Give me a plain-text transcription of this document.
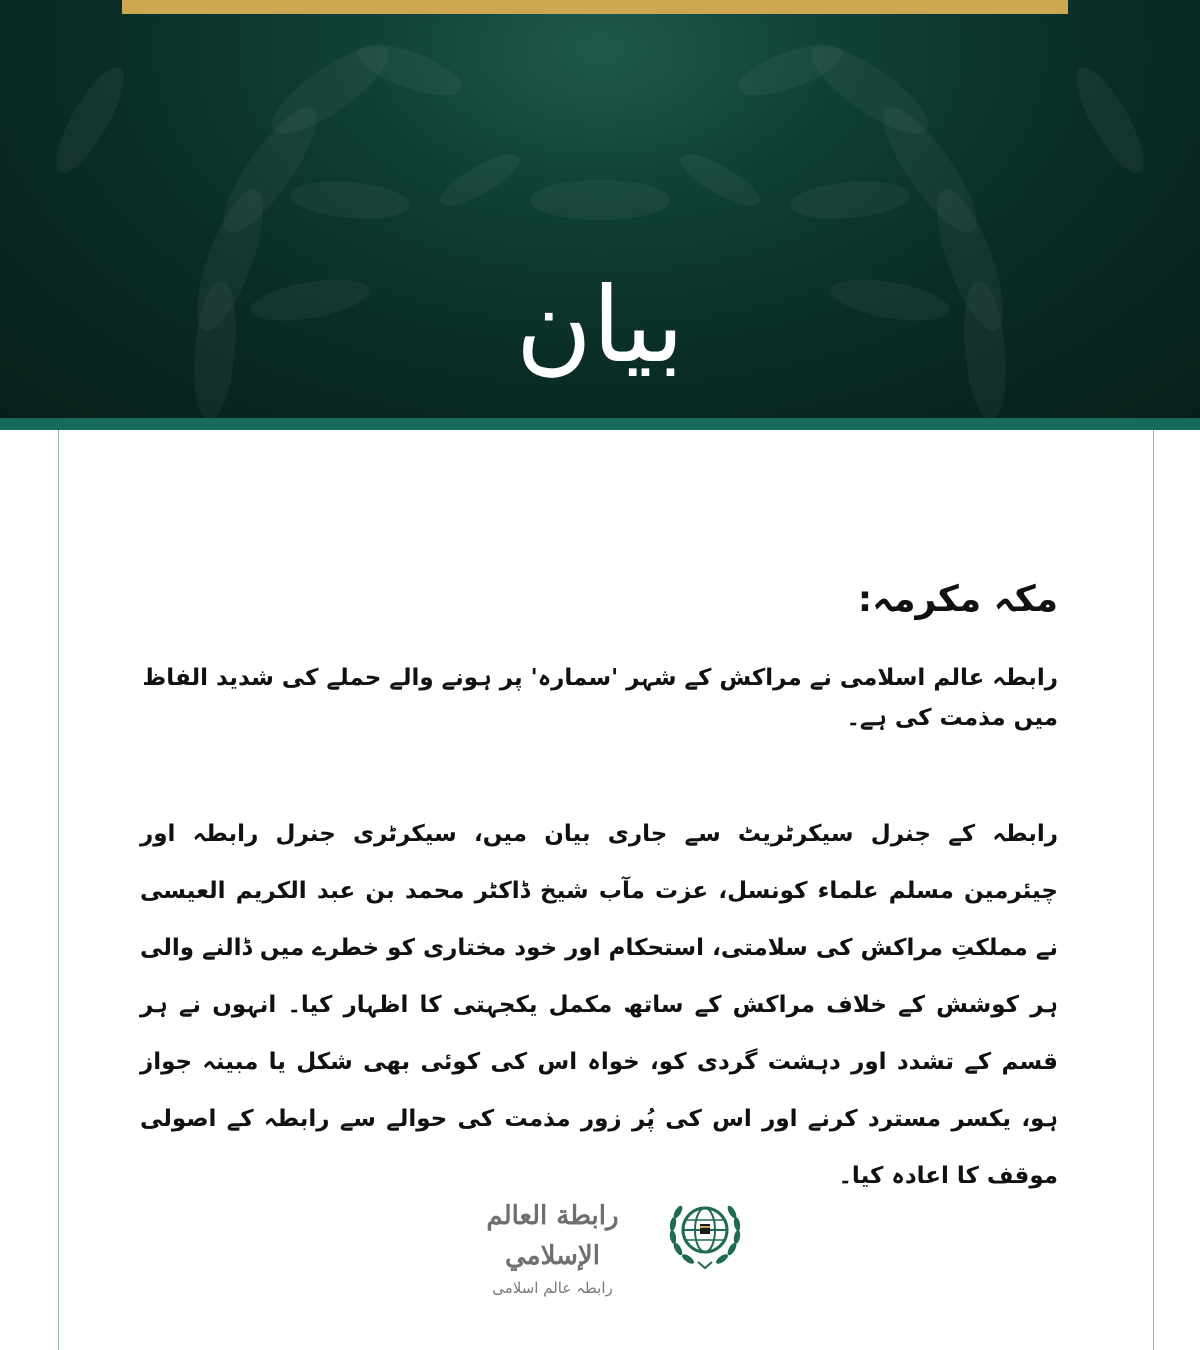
بیان

مکہ مکرمہ:

رابطہ عالم اسلامی نے مراکش کے شہر 'سمارہ' پر ہونے والے حملے کی شدید الفاظ میں مذمت کی ہے۔

رابطہ کے جنرل سیکرٹریٹ سے جاری بیان میں، سیکرٹری جنرل رابطہ اور چیئرمین مسلم علماء کونسل، عزت مآب شیخ ڈاکٹر محمد بن عبد الکریم العیسی نے مملکتِ مراکش کی سلامتی، استحکام اور خود مختاری کو خطرے میں ڈالنے والی ہر کوشش کے خلاف مراکش کے ساتھ مکمل یکجہتی کا اظہار کیا۔ انہوں نے ہر قسم کے تشدد اور دہشت گردی کو، خواہ اس کی کوئی بھی شکل یا مبینہ جواز ہو، یکسر مسترد کرنے اور اس کی پُر زور مذمت کی حوالے سے رابطہ کے اصولی موقف کا اعادہ کیا۔

رابطة العالم الإسلامي
رابطہ عالم اسلامی
